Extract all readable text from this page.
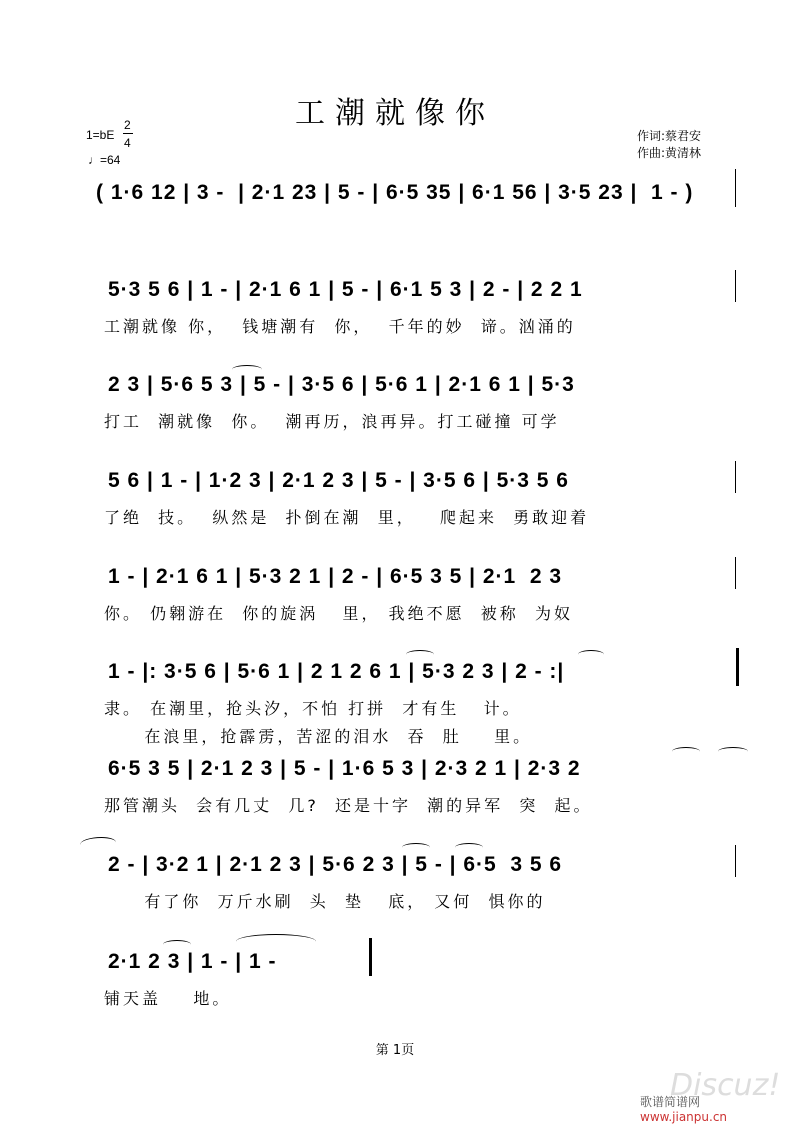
工潮就像你
1=bE
2
4
♩=64
作词:蔡君安
作曲:黄清林
( 1·6 12 | 3 -  | 2·1 23 | 5 - | 6·5 35 | 6·1 56 | 3·5 23 |  1 - )
5·3 5 6 | 1 - | 2·1 6 1 | 5 - | 6·1 5 3 | 2 - | 2 2 1
工潮就像 你，  钱塘潮有  你，  千年的妙  谛。汹涌的
2 3 | 5·6 5 3 | 5 - | 3·5 6 | 5·6 1 | 2·1 6 1 | 5·3
打工  潮就像  你。  潮再历，浪再异。打工碰撞 可学
5 6 | 1 - | 1·2 3 | 2·1 2 3 | 5 - | 3·5 6 | 5·3 5 6
了绝  技。  纵然是  扑倒在潮  里，   爬起来  勇敢迎着
1 - | 2·1 6 1 | 5·3 2 1 | 2 - | 6·5 3 5 | 2·1  2 3
你。 仍翱游在  你的旋涡   里， 我绝不愿  被称  为奴
1 - |: 3·5 6 | 5·6 1 | 2 1 2 6 1 | 5·3 2 3 | 2 - :|
隶。 在潮里，抢头汐，不怕 打拼  才有生   计。
在浪里，抢霹雳，苦涩的泪水  吞  肚    里。
6·5 3 5 | 2·1 2 3 | 5 - | 1·6 5 3 | 2·3 2 1 | 2·3 2
那管潮头  会有几丈  几?  还是十字  潮的异军  突  起。
2 - | 3·2 1 | 2·1 2 3 | 5·6 2 3 | 5 - | 6·5  3 5 6
有了你  万斤水刷  头  垫   底， 又何  惧你的
2·1 2 3 | 1 - | 1 -
铺天盖    地。
第 1页
Discuz!
歌谱简谱网 www.jianpu.cn
